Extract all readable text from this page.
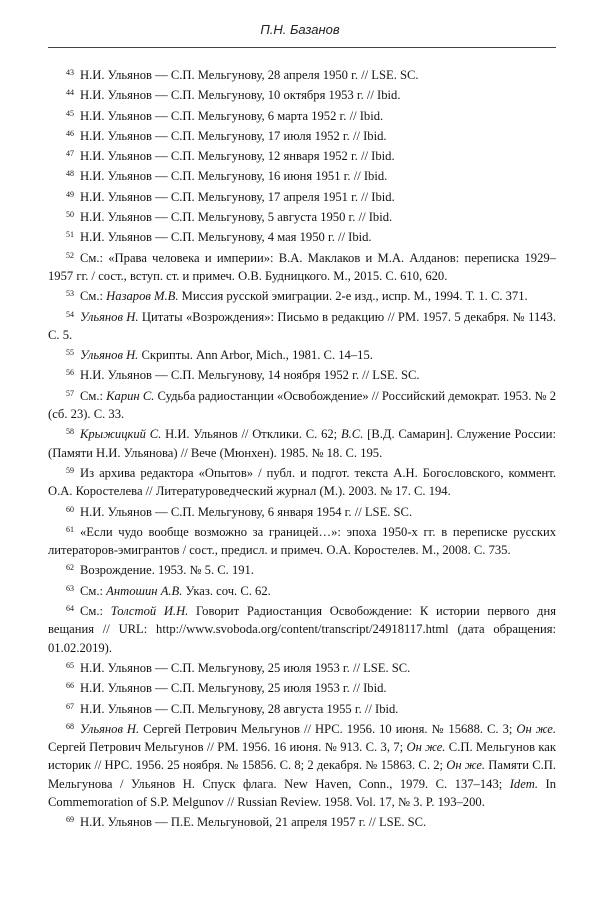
П.Н. Базанов

$^{43}$ Н.И. Ульянов — С.П. Мельгунову, 28 апреля 1950 г. // LSE. SC.

$^{44}$ Н.И. Ульянов — С.П. Мельгунову, 10 октября 1953 г. // Ibid.

$^{45}$ Н.И. Ульянов — С.П. Мельгунову, 6 марта 1952 г. // Ibid.

$^{46}$ Н.И. Ульянов — С.П. Мельгунову, 17 июля 1952 г. // Ibid.

$^{47}$ Н.И. Ульянов — С.П. Мельгунову, 12 января 1952 г. // Ibid.

$^{48}$ Н.И. Ульянов — С.П. Мельгунову, 16 июня 1951 г. // Ibid.

$^{49}$ Н.И. Ульянов — С.П. Мельгунову, 17 апреля 1951 г. // Ibid.

$^{50}$ Н.И. Ульянов — С.П. Мельгунову, 5 августа 1950 г. // Ibid.

$^{51}$ Н.И. Ульянов — С.П. Мельгунову, 4 мая 1950 г. // Ibid.

$^{52}$ См.: «Права человека и империи»: В.А. Маклаков и М.А. Алданов: переписка 1929–1957 гг. / сост., вступ. ст. и примеч. О.В. Будницкого. М., 2015. С. 610, 620.

$^{53}$ См.: Назаров М.В. Миссия русской эмиграции. 2-е изд., испр. М., 1994. Т. 1. С. 371.

$^{54}$ Ульянов Н. Цитаты «Возрождения»: Письмо в редакцию // РМ. 1957. 5 декабря. № 1143. С. 5.

$^{55}$ Ульянов Н. Скрипты. Ann Arbor, Mich., 1981. С. 14–15.

$^{56}$ Н.И. Ульянов — С.П. Мельгунову, 14 ноября 1952 г. // LSE. SC.

$^{57}$ См.: Карин С. Судьба радиостанции «Освобождение» // Российский демократ. 1953. № 2 (сб. 23). С. 33.

$^{58}$ Крыжицкий С. Н.И. Ульянов // Отклики. С. 62; В.С. [В.Д. Самарин]. Служение России: (Памяти Н.И. Ульянова) // Вече (Мюнхен). 1985. № 18. С. 195.

$^{59}$ Из архива редактора «Опытов» / публ. и подгот. текста А.Н. Богословского, коммент. О.А. Коростелева // Литературоведческий журнал (М.). 2003. № 17. С. 194.

$^{60}$ Н.И. Ульянов — С.П. Мельгунову, 6 января 1954 г. // LSE. SC.

$^{61}$ «Если чудо вообще возможно за границей…»: эпоха 1950-х гг. в переписке русских литераторов-эмигрантов / сост., предисл. и примеч. О.А. Коростелев. М., 2008. С. 735.

$^{62}$ Возрождение. 1953. № 5. С. 191.

$^{63}$ См.: Антошин А.В. Указ. соч. С. 62.

$^{64}$ См.: Толстой И.Н. Говорит Радиостанция Освобождение: К истории первого дня вещания // URL: http://www.svoboda.org/content/transcript/24918117.html (дата обращения: 01.02.2019).

$^{65}$ Н.И. Ульянов — С.П. Мельгунову, 25 июля 1953 г. // LSE. SC.

$^{66}$ Н.И. Ульянов — С.П. Мельгунову, 25 июля 1953 г. // Ibid.

$^{67}$ Н.И. Ульянов — С.П. Мельгунову, 28 августа 1955 г. // Ibid.

$^{68}$ Ульянов Н. Сергей Петрович Мельгунов // НРС. 1956. 10 июня. № 15688. С. 3; Он же. Сергей Петрович Мельгунов // РМ. 1956. 16 июня. № 913. С. 3, 7; Он же. С.П. Мельгунов как историк // НРС. 1956. 25 ноября. № 15856. С. 8; 2 декабря. № 15863. С. 2; Он же. Памяти С.П. Мельгунова / Ульянов Н. Спуск флага. New Haven, Conn., 1979. С. 137–143; Idem. In Commemoration of S.P. Melgunov // Russian Review. 1958. Vol. 17, № 3. P. 193–200.

$^{69}$ Н.И. Ульянов — П.Е. Мельгуновой, 21 апреля 1957 г. // LSE. SC.
